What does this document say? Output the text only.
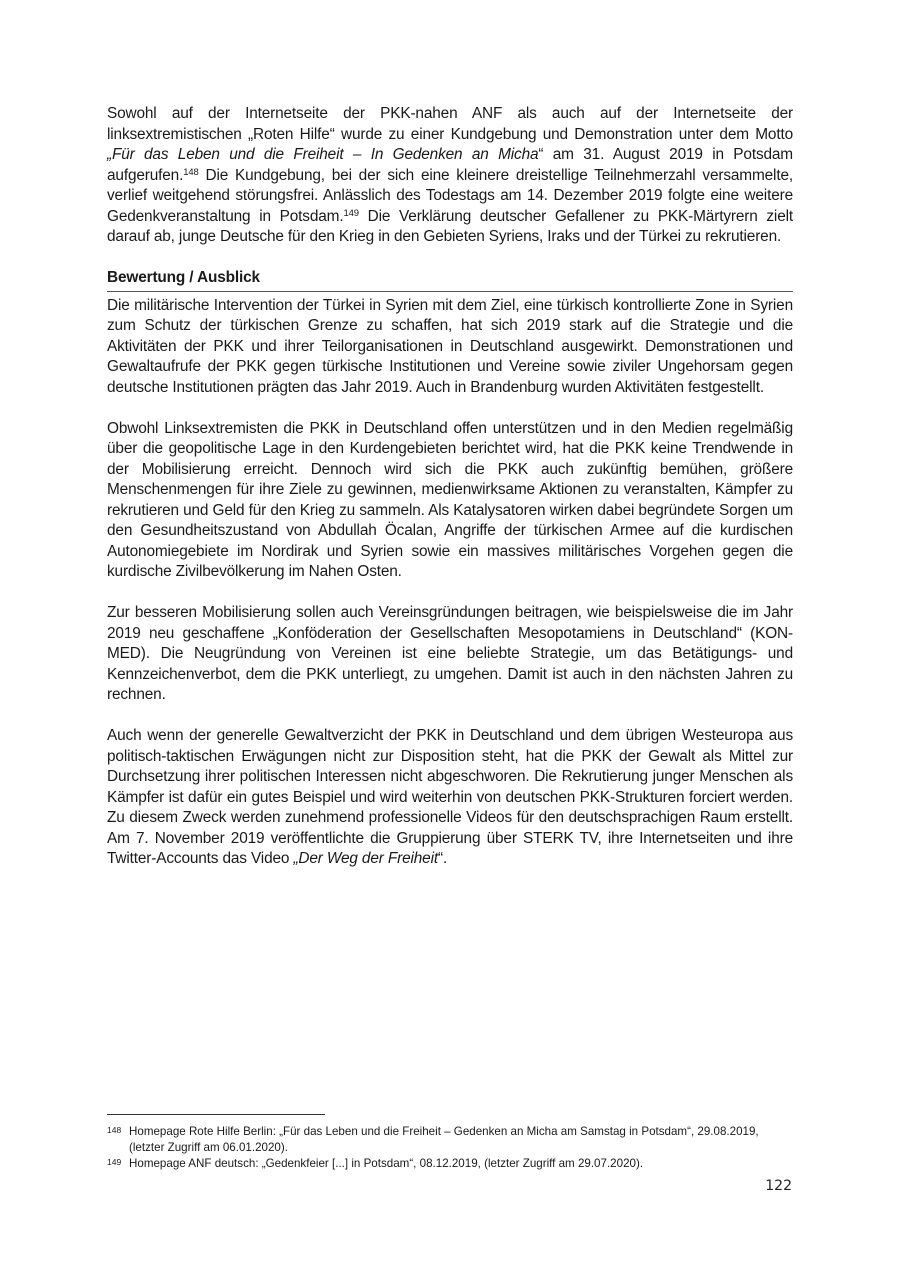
Sowohl auf der Internetseite der PKK-nahen ANF als auch auf der Internetseite der linksextremistischen „Roten Hilfe“ wurde zu einer Kundgebung und Demonstration unter dem Motto „Für das Leben und die Freiheit – In Gedenken an Micha“ am 31. August 2019 in Potsdam aufgerufen.$^{148}$ Die Kundgebung, bei der sich eine kleinere dreistellige Teilnehmerzahl versammelte, verlief weitgehend störungsfrei. Anlässlich des Todestags am 14. Dezember 2019 folgte eine weitere Gedenkveranstaltung in Potsdam.$^{149}$ Die Verklärung deutscher Gefallener zu PKK-Märtyrern zielt darauf ab, junge Deutsche für den Krieg in den Gebieten Syriens, Iraks und der Türkei zu rekrutieren.

Bewertung / Ausblick

Die militärische Intervention der Türkei in Syrien mit dem Ziel, eine türkisch kontrollierte Zone in Syrien zum Schutz der türkischen Grenze zu schaffen, hat sich 2019 stark auf die Strategie und die Aktivitäten der PKK und ihrer Teilorganisationen in Deutschland ausgewirkt. Demonstrationen und Gewaltaufrufe der PKK gegen türkische Institutionen und Vereine sowie ziviler Ungehorsam gegen deutsche Institutionen prägten das Jahr 2019. Auch in Brandenburg wurden Aktivitäten festgestellt.

Obwohl Linksextremisten die PKK in Deutschland offen unterstützen und in den Medien regelmäßig über die geopolitische Lage in den Kurdengebieten berichtet wird, hat die PKK keine Trendwende in der Mobilisierung erreicht. Dennoch wird sich die PKK auch zukünftig bemühen, größere Menschenmengen für ihre Ziele zu gewinnen, medienwirksame Aktionen zu veranstalten, Kämpfer zu rekrutieren und Geld für den Krieg zu sammeln. Als Katalysatoren wirken dabei begründete Sorgen um den Gesundheitszustand von Abdullah Öcalan, Angriffe der türkischen Armee auf die kurdischen Autonomiegebiete im Nordirak und Syrien sowie ein massives militärisches Vorgehen gegen die kurdische Zivilbevölkerung im Nahen Osten.

Zur besseren Mobilisierung sollen auch Vereinsgründungen beitragen, wie beispielsweise die im Jahr 2019 neu geschaffene „Konföderation der Gesellschaften Mesopotamiens in Deutschland“ (KON-MED). Die Neugründung von Vereinen ist eine beliebte Strategie, um das Betätigungs- und Kennzeichenverbot, dem die PKK unterliegt, zu umgehen. Damit ist auch in den nächsten Jahren zu rechnen.

Auch wenn der generelle Gewaltverzicht der PKK in Deutschland und dem übrigen Westeuropa aus politisch-taktischen Erwägungen nicht zur Disposition steht, hat die PKK der Gewalt als Mittel zur Durchsetzung ihrer politischen Interessen nicht abgeschworen. Die Rekrutierung junger Menschen als Kämpfer ist dafür ein gutes Beispiel und wird weiterhin von deutschen PKK-Strukturen forciert werden. Zu diesem Zweck werden zunehmend professionelle Videos für den deutschsprachigen Raum erstellt. Am 7. November 2019 veröffentlichte die Gruppierung über STERK TV, ihre Internetseiten und ihre Twitter-Accounts das Video „Der Weg der Freiheit“.

148 Homepage Rote Hilfe Berlin: „Für das Leben und die Freiheit – Gedenken an Micha am Samstag in Potsdam“, 29.08.2019, (letzter Zugriff am 06.01.2020).
149 Homepage ANF deutsch: „Gedenkfeier [...] in Potsdam“, 08.12.2019, (letzter Zugriff am 29.07.2020).
122
